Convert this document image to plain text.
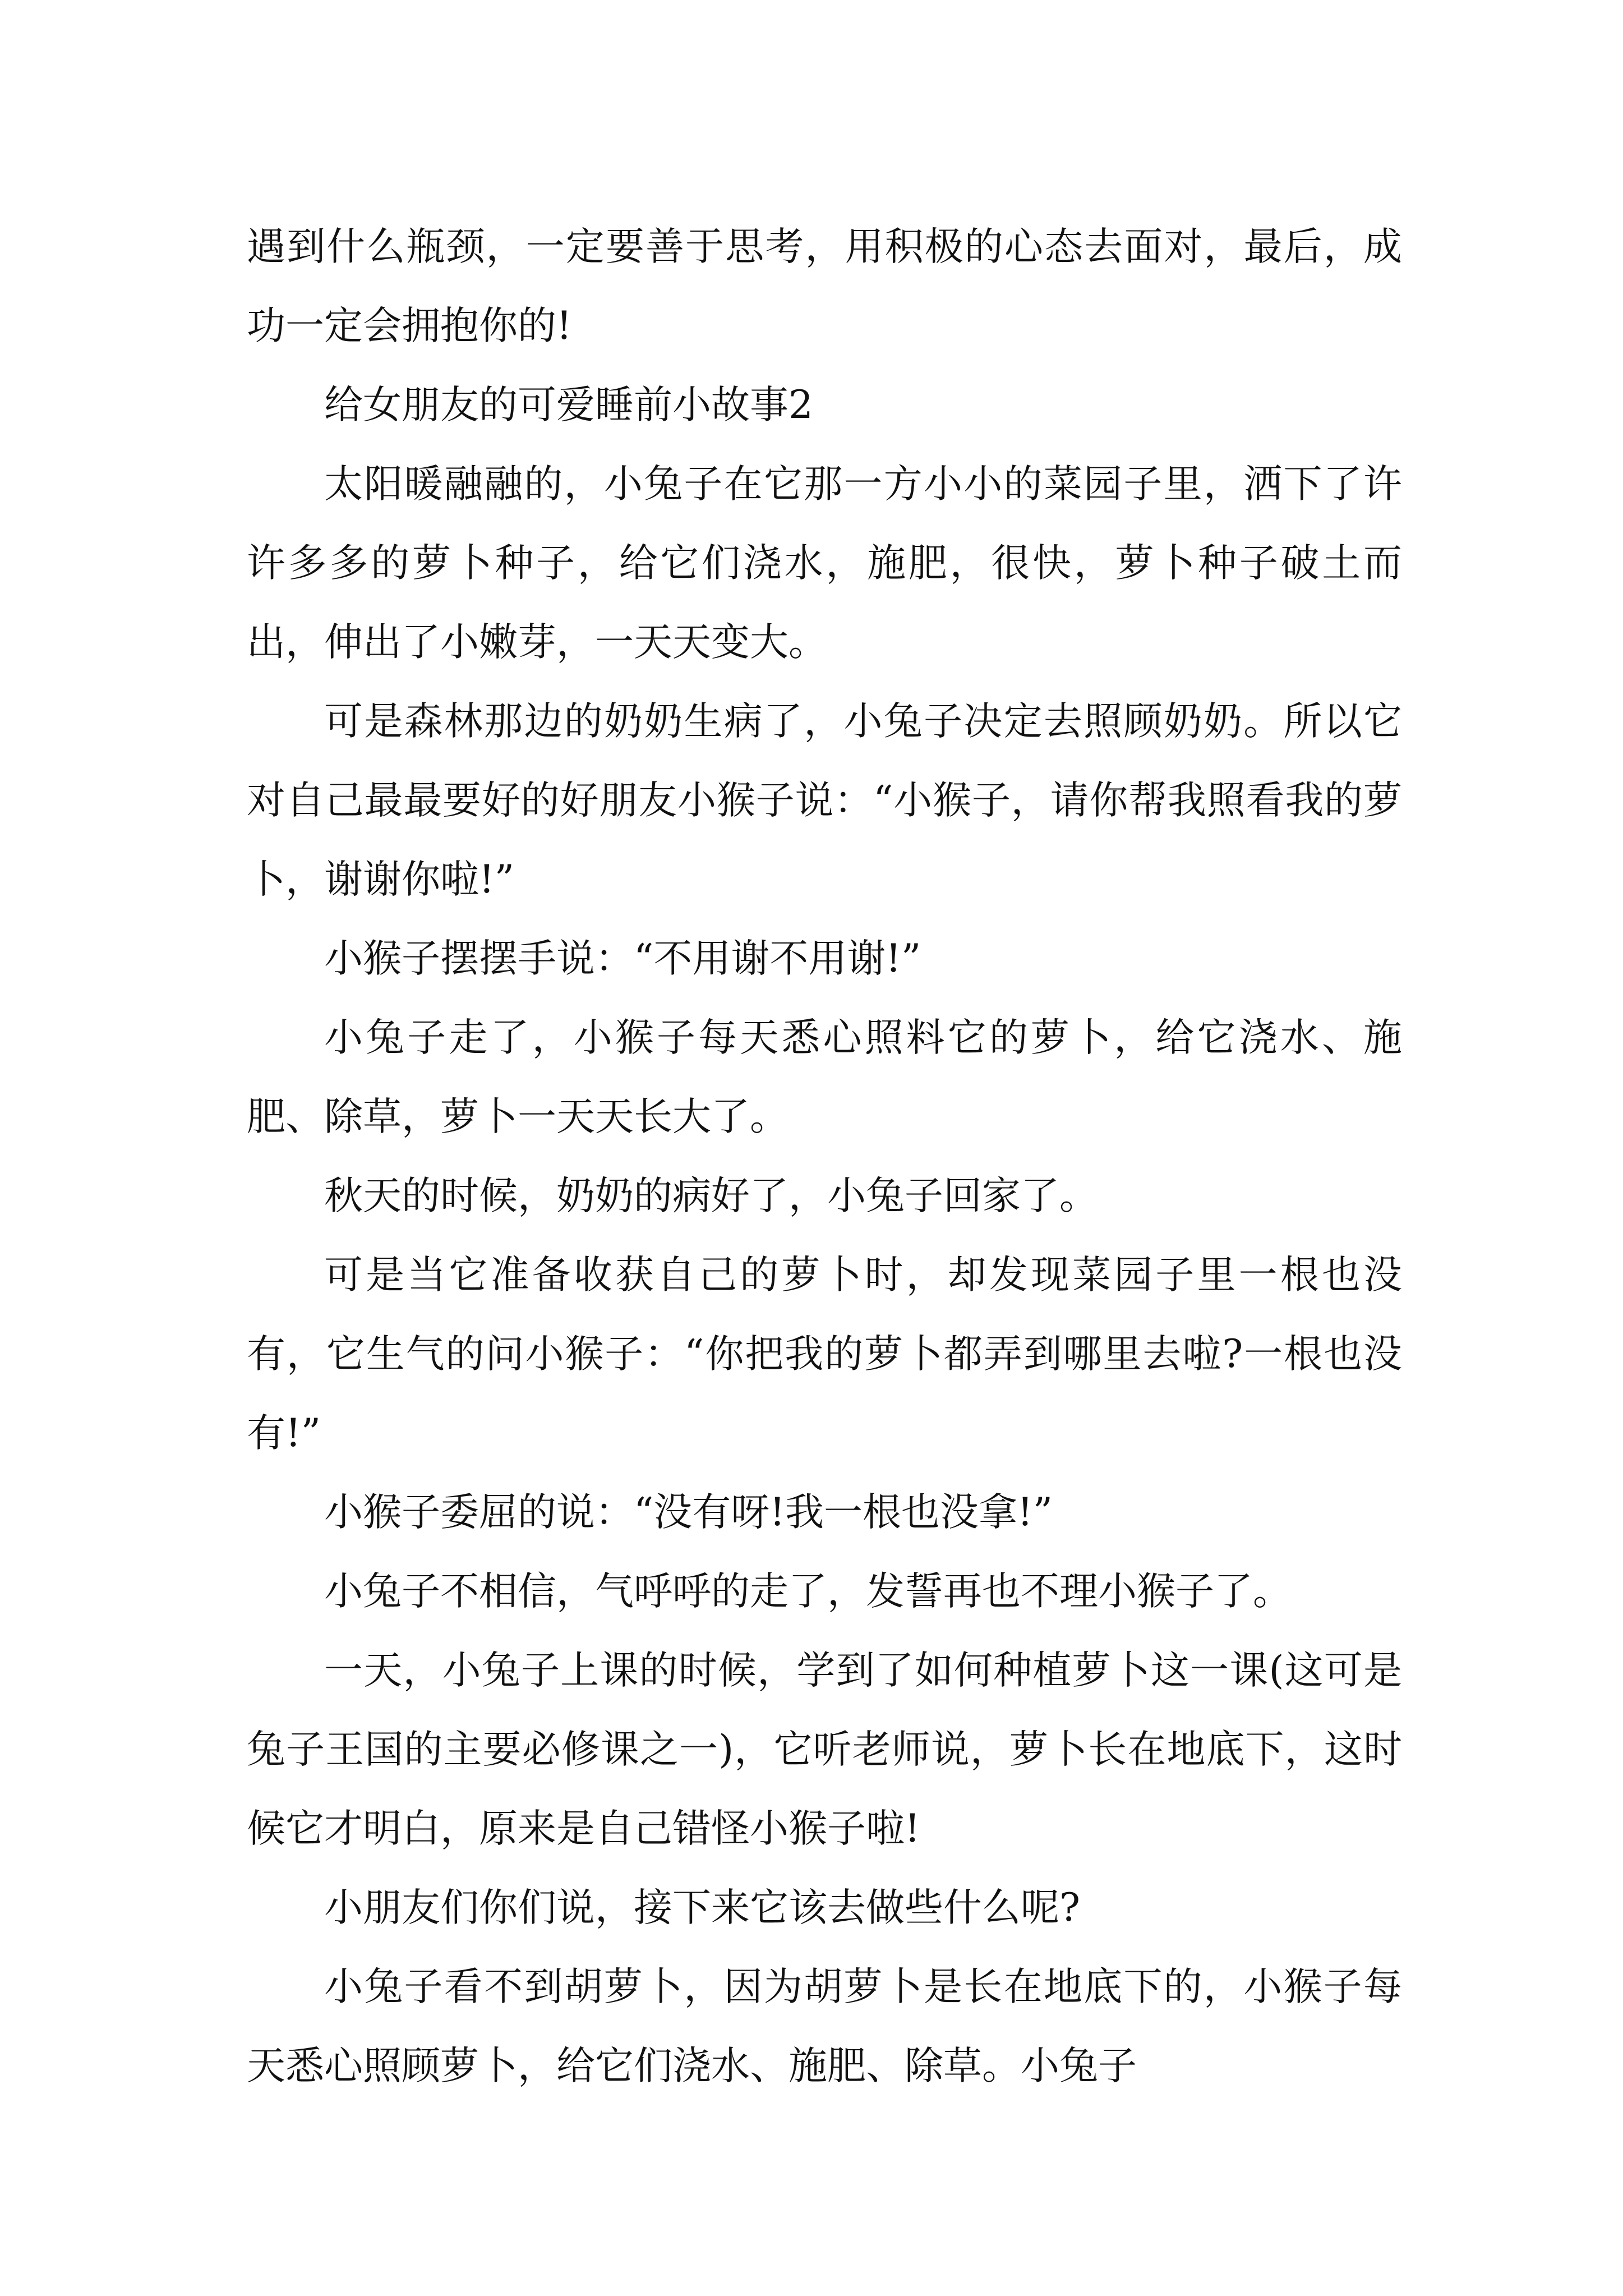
遇到什么瓶颈，一定要善于思考，用积极的心态去面对，最后，成功一定会拥抱你的!

给女朋友的可爱睡前小故事2

太阳暖融融的，小兔子在它那一方小小的菜园子里，洒下了许许多多的萝卜种子，给它们浇水，施肥，很快，萝卜种子破土而出，伸出了小嫩芽，一天天变大。

可是森林那边的奶奶生病了，小兔子决定去照顾奶奶。所以它对自己最最要好的好朋友小猴子说：“小猴子，请你帮我照看我的萝卜，谢谢你啦!”

小猴子摆摆手说：“不用谢不用谢!”

小兔子走了，小猴子每天悉心照料它的萝卜，给它浇水、施肥、除草，萝卜一天天长大了。

秋天的时候，奶奶的病好了，小兔子回家了。

可是当它准备收获自己的萝卜时，却发现菜园子里一根也没有，它生气的问小猴子：“你把我的萝卜都弄到哪里去啦?一根也没有!”

小猴子委屈的说：“没有呀!我一根也没拿!”

小兔子不相信，气呼呼的走了，发誓再也不理小猴子了。

一天，小兔子上课的时候，学到了如何种植萝卜这一课(这可是兔子王国的主要必修课之一)，它听老师说，萝卜长在地底下，这时候它才明白，原来是自己错怪小猴子啦!

小朋友们你们说，接下来它该去做些什么呢?

小兔子看不到胡萝卜，因为胡萝卜是长在地底下的，小猴子每天悉心照顾萝卜，给它们浇水、施肥、除草。小兔子
